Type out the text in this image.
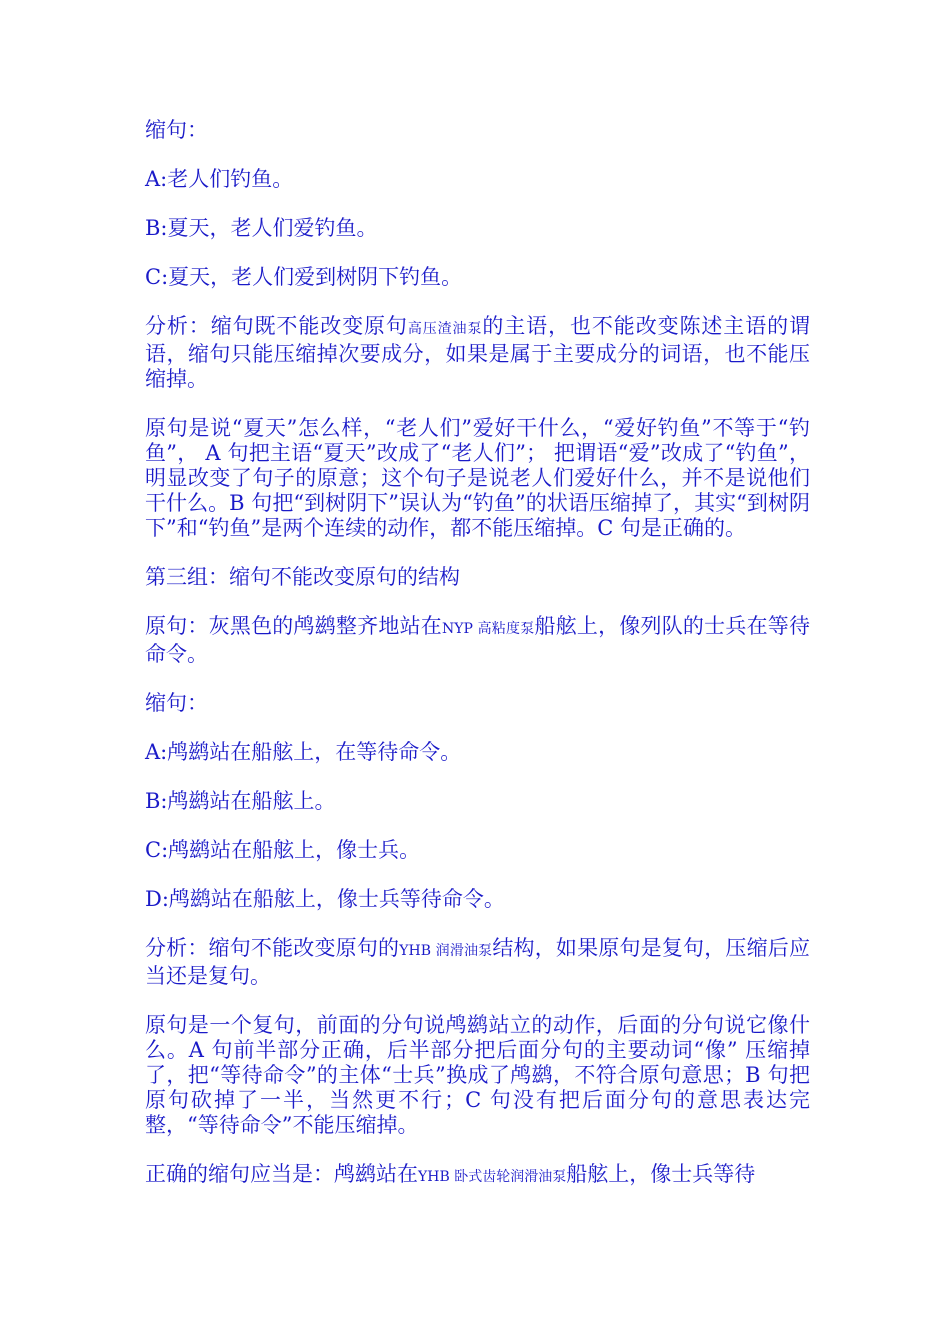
缩句：

A:老人们钓鱼。

B:夏天，老人们爱钓鱼。

C:夏天，老人们爱到树阴下钓鱼。

分析：缩句既不能改变原句高压渣油泵的主语，也不能改变陈述主语的谓语，缩句只能压缩掉次要成分，如果是属于主要成分的词语，也不能压缩掉。

原句是说“夏天”怎么样，“老人们”爱好干什么，“爱好钓鱼”不等于“钓鱼”， A 句把主语“夏天”改成了“老人们”； 把谓语“爱”改成了“钓鱼”，明显改变了句子的原意；这个句子是说老人们爱好什么，并不是说他们干什么。B 句把“到树阴下”误认为“钓鱼”的状语压缩掉了，其实“到树阴下”和“钓鱼”是两个连续的动作，都不能压缩掉。C 句是正确的。

第三组：缩句不能改变原句的结构

原句：灰黑色的鸬鹚整齐地站在NYP 高粘度泵船舷上，像列队的士兵在等待命令。

缩句：

A:鸬鹚站在船舷上，在等待命令。

B:鸬鹚站在船舷上。

C:鸬鹚站在船舷上，像士兵。

D:鸬鹚站在船舷上，像士兵等待命令。

分析：缩句不能改变原句的YHB 润滑油泵结构，如果原句是复句，压缩后应当还是复句。

原句是一个复句，前面的分句说鸬鹚站立的动作，后面的分句说它像什么。A 句前半部分正确，后半部分把后面分句的主要动词“像” 压缩掉了，把“等待命令”的主体“士兵”换成了鸬鹚，不符合原句意思；B 句把原句砍掉了一半，当然更不行；C 句没有把后面分句的意思表达完整，“等待命令”不能压缩掉。

正确的缩句应当是：鸬鹚站在YHB 卧式齿轮润滑油泵船舷上，像士兵等待
